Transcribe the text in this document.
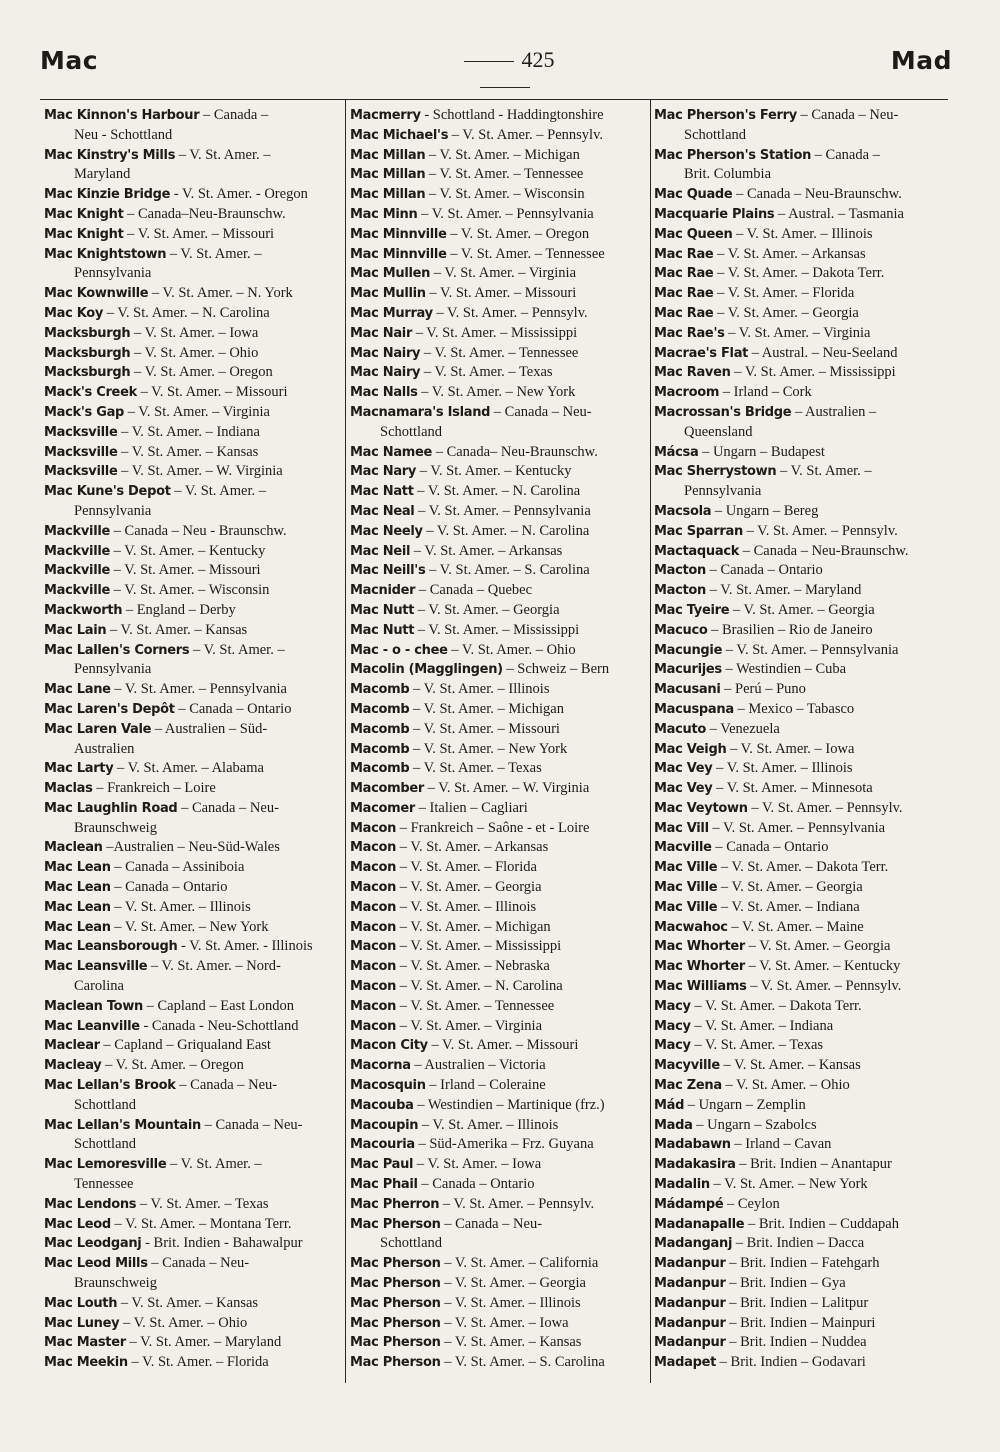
Mac	425	Mad

Mac Kinnon's Harbour – Canada –
Neu - Schottland

Mac Kinstry's Mills – V. St. Amer. –
Maryland

Mac Kinzie Bridge - V. St. Amer. - Oregon

Mac Knight – Canada–Neu-Braunschw.

Mac Knight – V. St. Amer. – Missouri

Mac Knightstown – V. St. Amer. –
Pennsylvania

Mac Kownwille – V. St. Amer. – N. York

Mac Koy – V. St. Amer. – N. Carolina

Macksburgh – V. St. Amer. – Iowa

Macksburgh – V. St. Amer. – Ohio

Macksburgh – V. St. Amer. – Oregon

Mack's Creek – V. St. Amer. – Missouri

Mack's Gap – V. St. Amer. – Virginia

Macksville – V. St. Amer. – Indiana

Macksville – V. St. Amer. – Kansas

Macksville – V. St. Amer. – W. Virginia

Mac Kune's Depot – V. St. Amer. –
Pennsylvania

Mackville – Canada – Neu - Braunschw.

Mackville – V. St. Amer. – Kentucky

Mackville – V. St. Amer. – Missouri

Mackville – V. St. Amer. – Wisconsin

Mackworth – England – Derby

Mac Lain – V. St. Amer. – Kansas

Mac Lallen's Corners – V. St. Amer. –
Pennsylvania

Mac Lane – V. St. Amer. – Pennsylvania

Mac Laren's Depôt – Canada – Ontario

Mac Laren Vale – Australien – Süd-
Australien

Mac Larty – V. St. Amer. – Alabama

Maclas – Frankreich – Loire

Mac Laughlin Road – Canada – Neu-
Braunschweig

Maclean –Australien – Neu-Süd-Wales

Mac Lean – Canada – Assiniboia

Mac Lean – Canada – Ontario

Mac Lean – V. St. Amer. – Illinois

Mac Lean – V. St. Amer. – New York

Mac Leansborough - V. St. Amer. - Illinois

Mac Leansville – V. St. Amer. – Nord-
Carolina

Maclean Town – Capland – East London

Mac Leanville - Canada - Neu-Schottland

Maclear – Capland – Griqualand East

Macleay – V. St. Amer. – Oregon

Mac Lellan's Brook – Canada – Neu-
Schottland

Mac Lellan's Mountain – Canada – Neu-
Schottland

Mac Lemoresville – V. St. Amer. –
Tennessee

Mac Lendons – V. St. Amer. – Texas

Mac Leod – V. St. Amer. – Montana Terr.

Mac Leodganj - Brit. Indien - Bahawalpur

Mac Leod Mills – Canada – Neu-
Braunschweig

Mac Louth – V. St. Amer. – Kansas

Mac Luney – V. St. Amer. – Ohio

Mac Master – V. St. Amer. – Maryland

Mac Meekin – V. St. Amer. – Florida

Macmerry - Schottland - Haddingtonshire

Mac Michael's – V. St. Amer. – Pennsylv.

Mac Millan – V. St. Amer. – Michigan

Mac Millan – V. St. Amer. – Tennessee

Mac Millan – V. St. Amer. – Wisconsin

Mac Minn – V. St. Amer. – Pennsylvania

Mac Minnville – V. St. Amer. – Oregon

Mac Minnville – V. St. Amer. – Tennessee

Mac Mullen – V. St. Amer. – Virginia

Mac Mullin – V. St. Amer. – Missouri

Mac Murray – V. St. Amer. – Pennsylv.

Mac Nair – V. St. Amer. – Mississippi

Mac Nairy – V. St. Amer. – Tennessee

Mac Nairy – V. St. Amer. – Texas

Mac Nalls – V. St. Amer. – New York

Macnamara's Island – Canada – Neu-
Schottland

Mac Namee – Canada– Neu-Braunschw.

Mac Nary – V. St. Amer. – Kentucky

Mac Natt – V. St. Amer. – N. Carolina

Mac Neal – V. St. Amer. – Pennsylvania

Mac Neely – V. St. Amer. – N. Carolina

Mac Neil – V. St. Amer. – Arkansas

Mac Neill's – V. St. Amer. – S. Carolina

Macnider – Canada – Quebec

Mac Nutt – V. St. Amer. – Georgia

Mac Nutt – V. St. Amer. – Mississippi

Mac - o - chee – V. St. Amer. – Ohio

Macolin (Magglingen) – Schweiz – Bern

Macomb – V. St. Amer. – Illinois

Macomb – V. St. Amer. – Michigan

Macomb – V. St. Amer. – Missouri

Macomb – V. St. Amer. – New York

Macomb – V. St. Amer. – Texas

Macomber – V. St. Amer. – W. Virginia

Macomer – Italien – Cagliari

Macon – Frankreich – Saône - et - Loire

Macon – V. St. Amer. – Arkansas

Macon – V. St. Amer. – Florida

Macon – V. St. Amer. – Georgia

Macon – V. St. Amer. – Illinois

Macon – V. St. Amer. – Michigan

Macon – V. St. Amer. – Mississippi

Macon – V. St. Amer. – Nebraska

Macon – V. St. Amer. – N. Carolina

Macon – V. St. Amer. – Tennessee

Macon – V. St. Amer. – Virginia

Macon City – V. St. Amer. – Missouri

Macorna – Australien – Victoria

Macosquin – Irland – Coleraine

Macouba – Westindien – Martinique (frz.)

Macoupin – V. St. Amer. – Illinois

Macouria – Süd-Amerika – Frz. Guyana

Mac Paul – V. St. Amer. – Iowa

Mac Phail – Canada – Ontario

Mac Pherron – V. St. Amer. – Pennsylv.

Mac Pherson – Canada – Neu-
Schottland

Mac Pherson – V. St. Amer. – California

Mac Pherson – V. St. Amer. – Georgia

Mac Pherson – V. St. Amer. – Illinois

Mac Pherson – V. St. Amer. – Iowa

Mac Pherson – V. St. Amer. – Kansas

Mac Pherson – V. St. Amer. – S. Carolina

Mac Pherson's Ferry – Canada – Neu-
Schottland

Mac Pherson's Station – Canada –
Brit. Columbia

Mac Quade – Canada – Neu-Braunschw.

Macquarie Plains – Austral. – Tasmania

Mac Queen – V. St. Amer. – Illinois

Mac Rae – V. St. Amer. – Arkansas

Mac Rae – V. St. Amer. – Dakota Terr.

Mac Rae – V. St. Amer. – Florida

Mac Rae – V. St. Amer. – Georgia

Mac Rae's – V. St. Amer. – Virginia

Macrae's Flat – Austral. – Neu-Seeland

Mac Raven – V. St. Amer. – Mississippi

Macroom – Irland – Cork

Macrossan's Bridge – Australien –
Queensland

Mácsa – Ungarn – Budapest

Mac Sherrystown – V. St. Amer. –
Pennsylvania

Macsola – Ungarn – Bereg

Mac Sparran – V. St. Amer. – Pennsylv.

Mactaquack – Canada – Neu-Braunschw.

Macton – Canada – Ontario

Macton – V. St. Amer. – Maryland

Mac Tyeire – V. St. Amer. – Georgia

Macuco – Brasilien – Rio de Janeiro

Macungie – V. St. Amer. – Pennsylvania

Macurijes – Westindien – Cuba

Macusani – Perú – Puno

Macuspana – Mexico – Tabasco

Macuto – Venezuela

Mac Veigh – V. St. Amer. – Iowa

Mac Vey – V. St. Amer. – Illinois

Mac Vey – V. St. Amer. – Minnesota

Mac Veytown – V. St. Amer. – Pennsylv.

Mac Vill – V. St. Amer. – Pennsylvania

Macville – Canada – Ontario

Mac Ville – V. St. Amer. – Dakota Terr.

Mac Ville – V. St. Amer. – Georgia

Mac Ville – V. St. Amer. – Indiana

Macwahoc – V. St. Amer. – Maine

Mac Whorter – V. St. Amer. – Georgia

Mac Whorter – V. St. Amer. – Kentucky

Mac Williams – V. St. Amer. – Pennsylv.

Macy – V. St. Amer. – Dakota Terr.

Macy – V. St. Amer. – Indiana

Macy – V. St. Amer. – Texas

Macyville – V. St. Amer. – Kansas

Mac Zena – V. St. Amer. – Ohio

Mád – Ungarn – Zemplin

Mada – Ungarn – Szabolcs

Madabawn – Irland – Cavan

Madakasira – Brit. Indien – Anantapur

Madalin – V. St. Amer. – New York

Mádampé – Ceylon

Madanapalle – Brit. Indien – Cuddapah

Madanganj – Brit. Indien – Dacca

Madanpur – Brit. Indien – Fatehgarh

Madanpur – Brit. Indien – Gya

Madanpur – Brit. Indien – Lalitpur

Madanpur – Brit. Indien – Mainpuri

Madanpur – Brit. Indien – Nuddea

Madapet – Brit. Indien – Godavari
